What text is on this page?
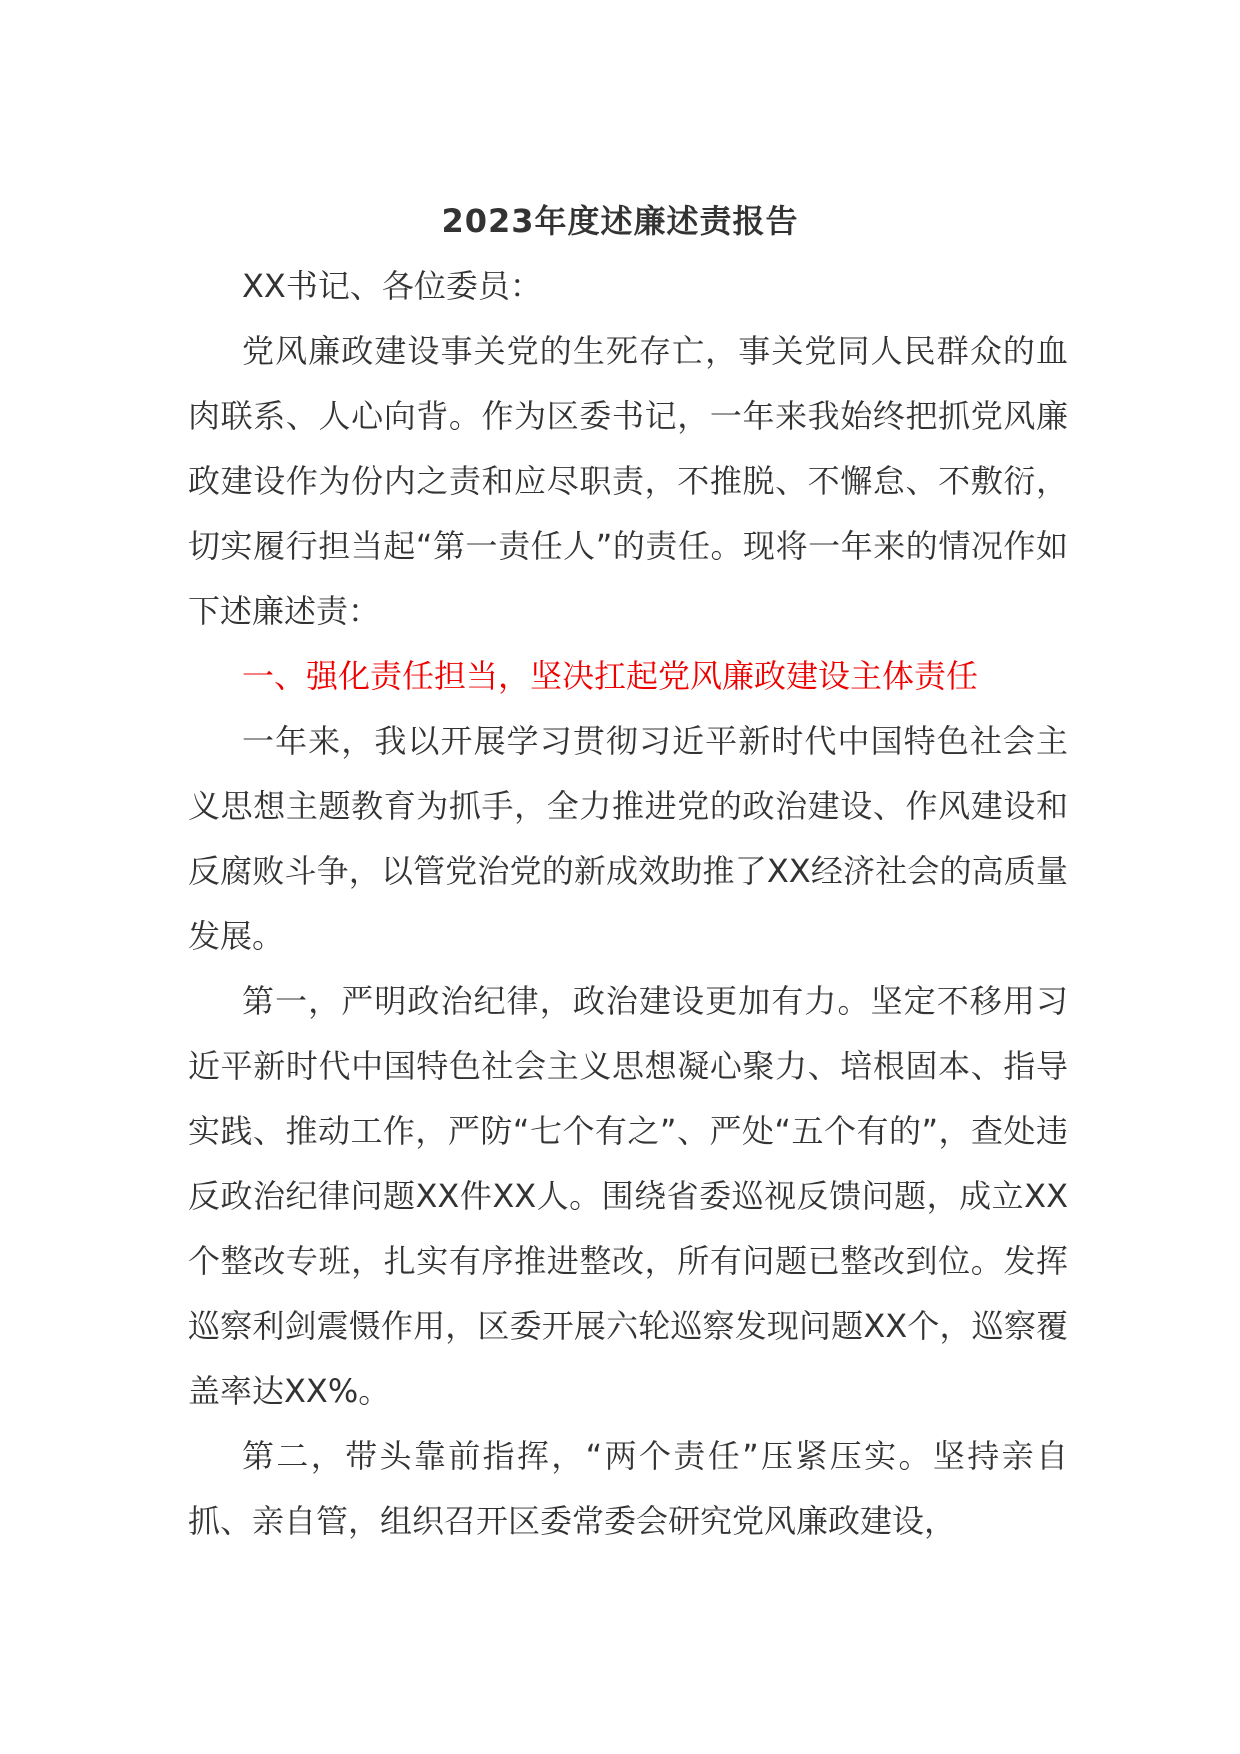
2023年度述廉述责报告

XX书记、各位委员：

党风廉政建设事关党的生死存亡，事关党同人民群众的血肉联系、人心向背。作为区委书记，一年来我始终把抓党风廉政建设作为份内之责和应尽职责，不推脱、不懈怠、不敷衍，切实履行担当起“第一责任人”的责任。现将一年来的情况作如下述廉述责：

一、强化责任担当，坚决扛起党风廉政建设主体责任

一年来，我以开展学习贯彻习近平新时代中国特色社会主义思想主题教育为抓手，全力推进党的政治建设、作风建设和反腐败斗争，以管党治党的新成效助推了XX经济社会的高质量发展。

第一，严明政治纪律，政治建设更加有力。坚定不移用习近平新时代中国特色社会主义思想凝心聚力、培根固本、指导实践、推动工作，严防“七个有之”、严处“五个有的”，查处违反政治纪律问题XX件XX人。围绕省委巡视反馈问题，成立XX个整改专班，扎实有序推进整改，所有问题已整改到位。发挥巡察利剑震慑作用，区委开展六轮巡察发现问题XX个，巡察覆盖率达XX%。

第二，带头靠前指挥，“两个责任”压紧压实。坚持亲自抓、亲自管，组织召开区委常委会研究党风廉政建设，
